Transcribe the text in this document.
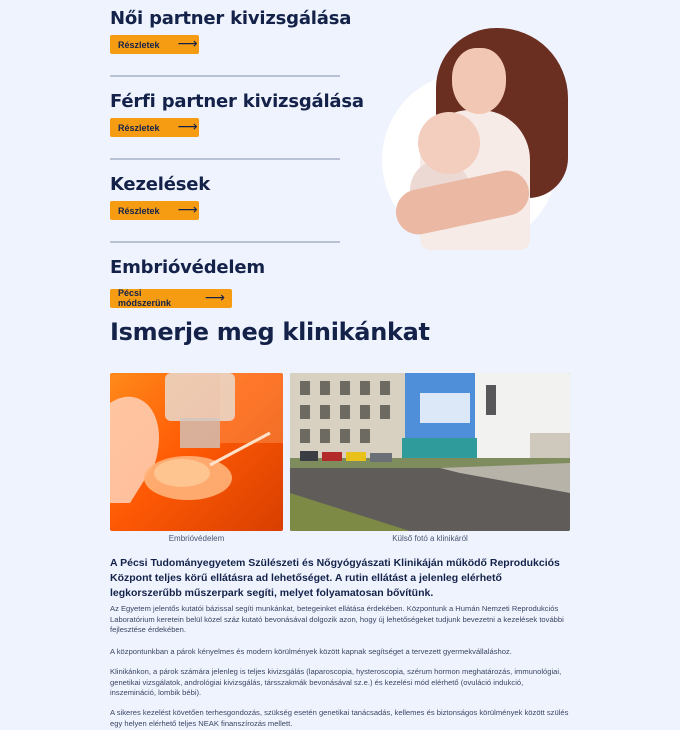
Női partner kivizsgálása
Részletek ⟶
Férfi partner kivizsgálása
Részletek ⟶
Kezelések
Részletek ⟶
Embrióvédelem
Pécsi módszerünk	⟶
Ismerje meg klinikánkat
Embrióvédelem	Külső fotó a klinikáról

A Pécsi Tudományegyetem Szülészeti és Nőgyógyászati Klinikáján működő Reprodukciós Központ teljes körű ellátásra ad lehetőséget. A rutin ellátást a jelenleg elérhető legkorszerűbb műszerpark segíti, melyet folyamatosan bővítünk.

Az Egyetem jelentős kutatói bázissal segíti munkánkat, betegeinket ellátása érdekében. Központunk a Humán Nemzeti Reprodukciós Laboratórium keretein belül közel száz kutató bevonásával dolgozik azon, hogy új lehetőségeket tudjunk bevezetni a kezelések további fejlesztése érdekében.

A központunkban a párok kényelmes és modern körülmények között kapnak segítséget a tervezett gyermekvállaláshoz.

Klinikánkon, a párok számára jelenleg is teljes kivizsgálás (laparoscopia, hysteroscopia, szérum hormon meghatározás, immunológiai, genetikai vizsgálatok, andrológiai kivizsgálás, társszakmák bevonásával sz.e.) és kezelési mód elérhető (ovuláció indukció, inszemináció, lombik bébi).

A sikeres kezelést követően terhesgondozás, szükség esetén genetikai tanácsadás, kellemes és biztonságos körülmények között szülés egy helyen elérhető teljes NEAK finanszírozás mellett.
